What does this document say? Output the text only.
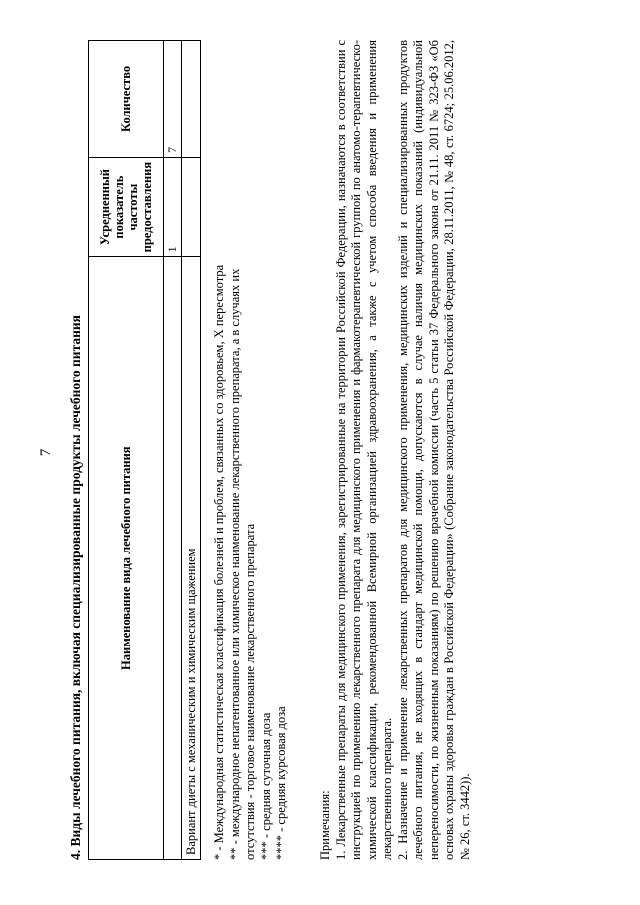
7 4. Виды лечебного питания, включая специализированные продукты лечебного питания	Наименование вида лечебного питания	Усредненный показатель частоты предоставления	Количество
	1	7
Вариант диеты с механическим и химическим щажением		* - Международная статистическая классификация болезней и проблем, связанных со здоровьем, X пересмотра ** - международное непатентованное или химическое наименование лекарственного препарата, а в случаях их отсутствия - торговое наименование лекарственного препарата *** - средняя суточная доза **** - средняя курсовая доза Примечания: 1. Лекарственные препараты для медицинского применения, зарегистрированные на территории Российской Федерации, назначаются в соответствии с инструкцией по применению лекарственного препарата для медицинского применения и фармакотерапевтической группой по анатомо-терапевтическо-химической классификации, рекомендованной Всемирной организацией здравоохранения, а также с учетом способа введения и применения лекарственного препарата. 2. Назначение и применение лекарственных препаратов для медицинского применения, медицинских изделий и специализированных продуктов лечебного питания, не входящих в стандарт медицинской помощи, допускаются в случае наличия медицинских показаний (индивидуальной непереносимости, по жизненным показаниям) по решению врачебной комиссии (часть 5 статьи 37 Федерального закона от 21.11. 2011 № 323-ФЗ «Об основах охраны здоровья граждан в Российской Федерации» (Собрание законодательства Российской Федерации, 28.11.2011, № 48, ст. 6724; 25.06.2012, № 26, ст. 3442)).
